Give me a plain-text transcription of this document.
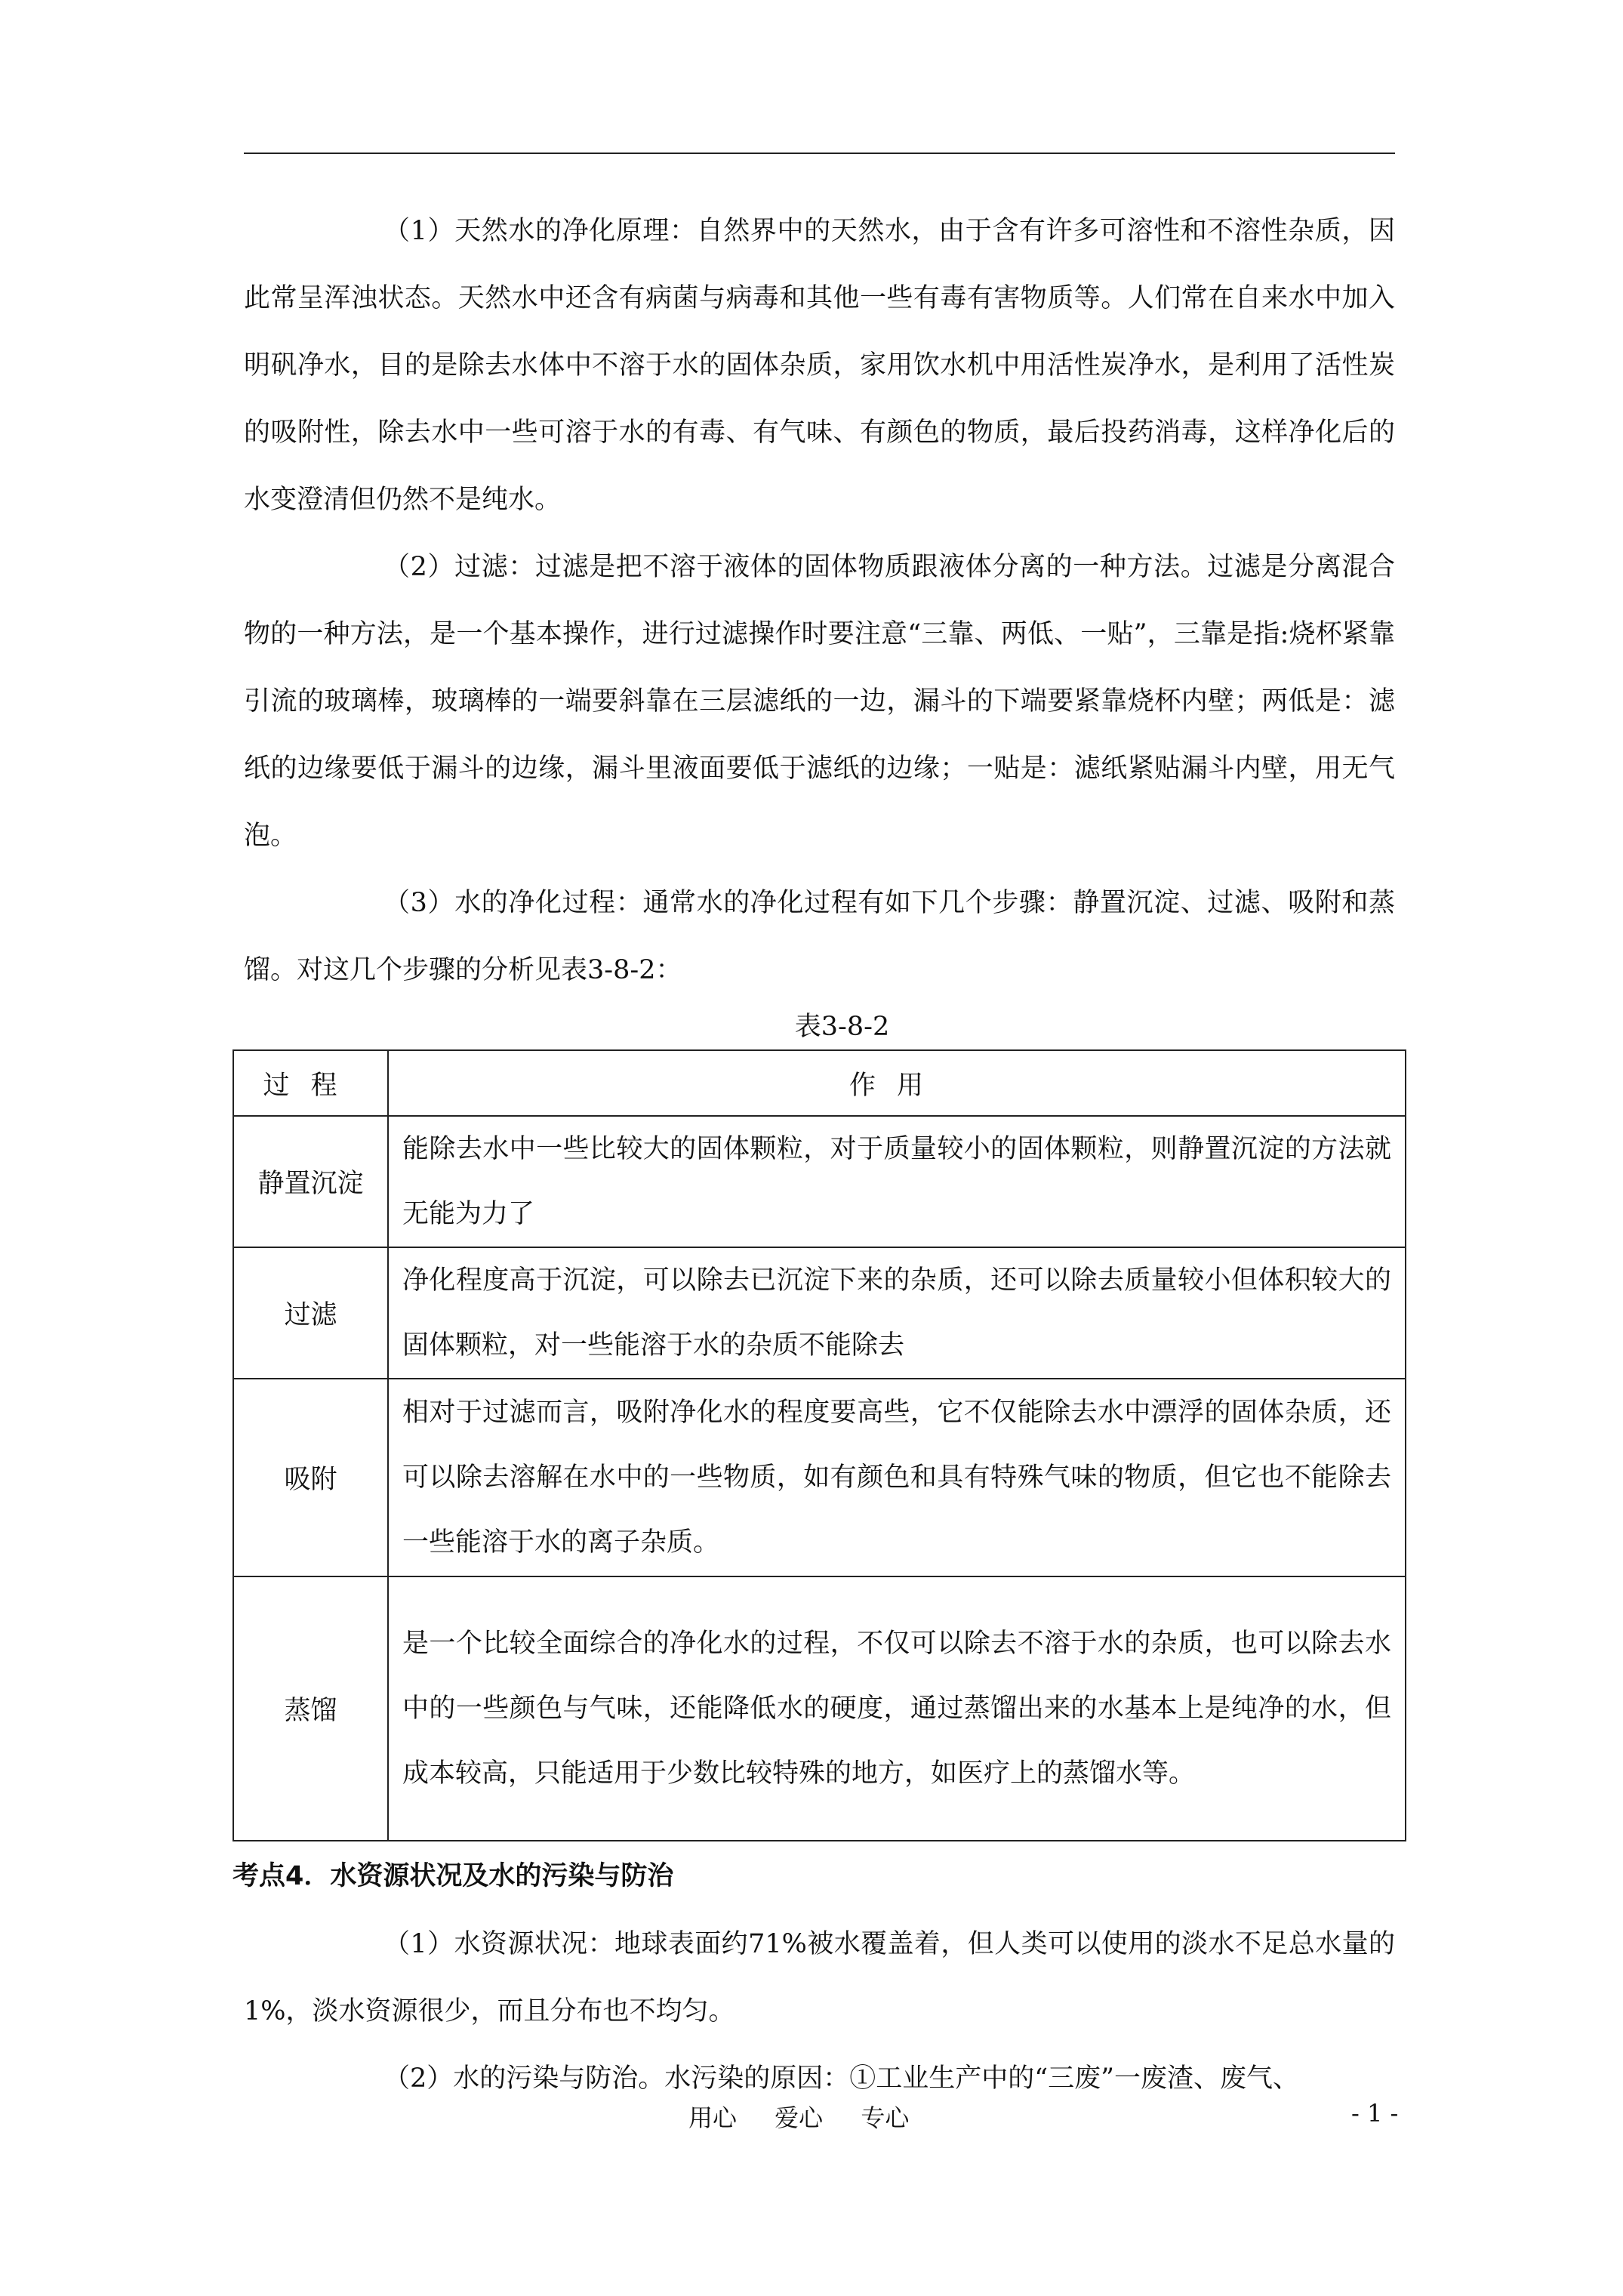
（1）天然水的净化原理：自然界中的天然水，由于含有许多可溶性和不溶性杂质，因此常呈浑浊状态。天然水中还含有病菌与病毒和其他一些有毒有害物质等。人们常在自来水中加入明矾净水，目的是除去水体中不溶于水的固体杂质，家用饮水机中用活性炭净水，是利用了活性炭的吸附性，除去水中一些可溶于水的有毒、有气味、有颜色的物质，最后投药消毒，这样净化后的水变澄清但仍然不是纯水。

（2）过滤：过滤是把不溶于液体的固体物质跟液体分离的一种方法。过滤是分离混合物的一种方法，是一个基本操作，进行过滤操作时要注意“三靠、两低、一贴”，三靠是指:烧杯紧靠引流的玻璃棒，玻璃棒的一端要斜靠在三层滤纸的一边，漏斗的下端要紧靠烧杯内壁；两低是：滤纸的边缘要低于漏斗的边缘，漏斗里液面要低于滤纸的边缘；一贴是：滤纸紧贴漏斗内壁，用无气泡。

（3）水的净化过程：通常水的净化过程有如下几个步骤：静置沉淀、过滤、吸附和蒸馏。对这几个步骤的分析见表3-8-2：

表3-8-2

过程	作用
静置沉淀	能除去水中一些比较大的固体颗粒，对于质量较小的固体颗粒，则静置沉淀的方法就无能为力了
过滤	净化程度高于沉淀，可以除去已沉淀下来的杂质，还可以除去质量较小但体积较大的固体颗粒，对一些能溶于水的杂质不能除去
吸附	相对于过滤而言，吸附净化水的程度要高些，它不仅能除去水中漂浮的固体杂质，还可以除去溶解在水中的一些物质，如有颜色和具有特殊气味的物质，但它也不能除去一些能溶于水的离子杂质。
蒸馏	是一个比较全面综合的净化水的过程，不仅可以除去不溶于水的杂质，也可以除去水中的一些颜色与气味，还能降低水的硬度，通过蒸馏出来的水基本上是纯净的水，但成本较高，只能适用于少数比较特殊的地方，如医疗上的蒸馏水等。

考点4．水资源状况及水的污染与防治

（1）水资源状况：地球表面约71%被水覆盖着，但人类可以使用的淡水不足总水量的1%，淡水资源很少，而且分布也不均匀。

（2）水的污染与防治。水污染的原因：①工业生产中的“三废”一废渣、废气、

用心 爱心 专心	- 1 -
